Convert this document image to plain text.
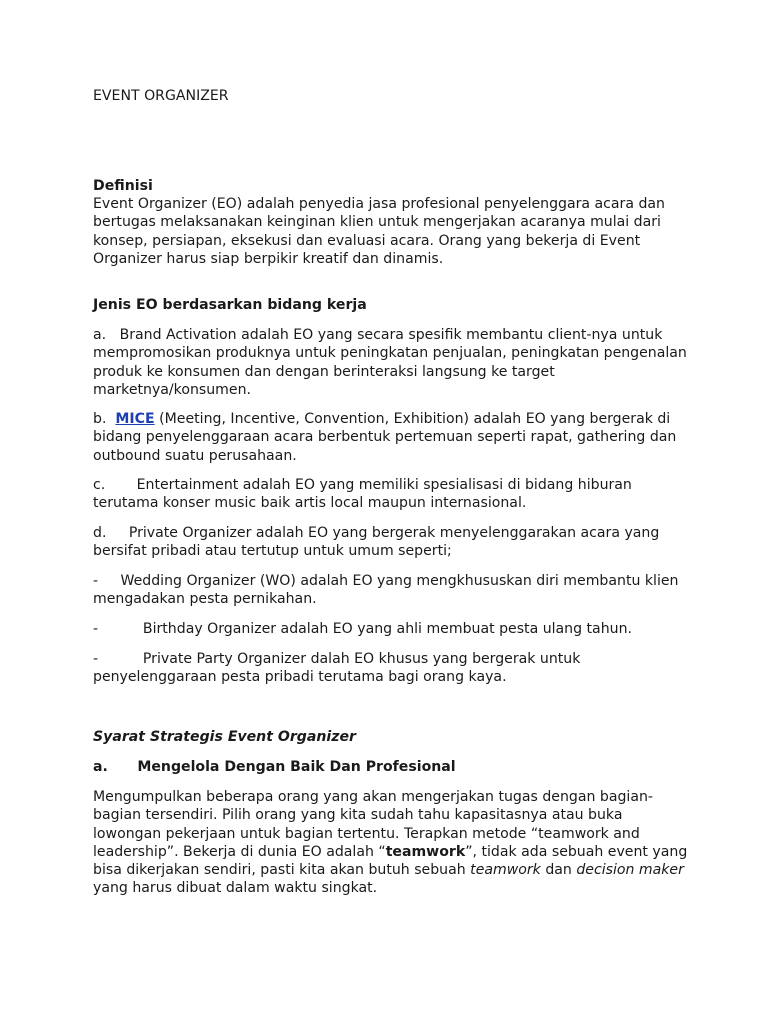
EVENT ORGANIZER
Definisi

Event Organizer (EO) adalah penyedia jasa profesional penyelenggara acara dan bertugas melaksanakan keinginan klien untuk mengerjakan acaranya mulai dari konsep, persiapan, eksekusi dan evaluasi acara. Orang yang bekerja di Event Organizer harus siap berpikir kreatif dan dinamis.

Jenis EO berdasarkan bidang kerja

a. Brand Activation adalah EO yang secara spesifik membantu client-nya untuk mempromosikan produknya untuk peningkatan penjualan, peningkatan pengenalan produk ke konsumen dan dengan berinteraksi langsung ke target marketnya/konsumen.

b. MICE (Meeting, Incentive, Convention, Exhibition) adalah EO yang bergerak di bidang penyelenggaraan acara berbentuk pertemuan seperti rapat, gathering dan outbound suatu perusahaan.

c. Entertainment adalah EO yang memiliki spesialisasi di bidang hiburan terutama konser music baik artis local maupun internasional.

d. Private Organizer adalah EO yang bergerak menyelenggarakan acara yang bersifat pribadi atau tertutup untuk umum seperti;

- Wedding Organizer (WO) adalah EO yang mengkhususkan diri membantu klien mengadakan pesta pernikahan.

-	Birthday Organizer adalah EO yang ahli membuat pesta ulang tahun.

-	Private Party Organizer dalah EO khusus yang bergerak untuk penyelenggaraan pesta pribadi terutama bagi orang kaya.

Syarat Strategis Event Organizer
a. Mengelola Dengan Baik Dan Profesional

Mengumpulkan beberapa orang yang akan mengerjakan tugas dengan bagian-bagian tersendiri. Pilih orang yang kita sudah tahu kapasitasnya atau buka lowongan pekerjaan untuk bagian tertentu. Terapkan metode “teamwork and leadership”. Bekerja di dunia EO adalah “teamwork”, tidak ada sebuah event yang bisa dikerjakan sendiri, pasti kita akan butuh sebuah teamwork dan decision maker yang harus dibuat dalam waktu singkat.
